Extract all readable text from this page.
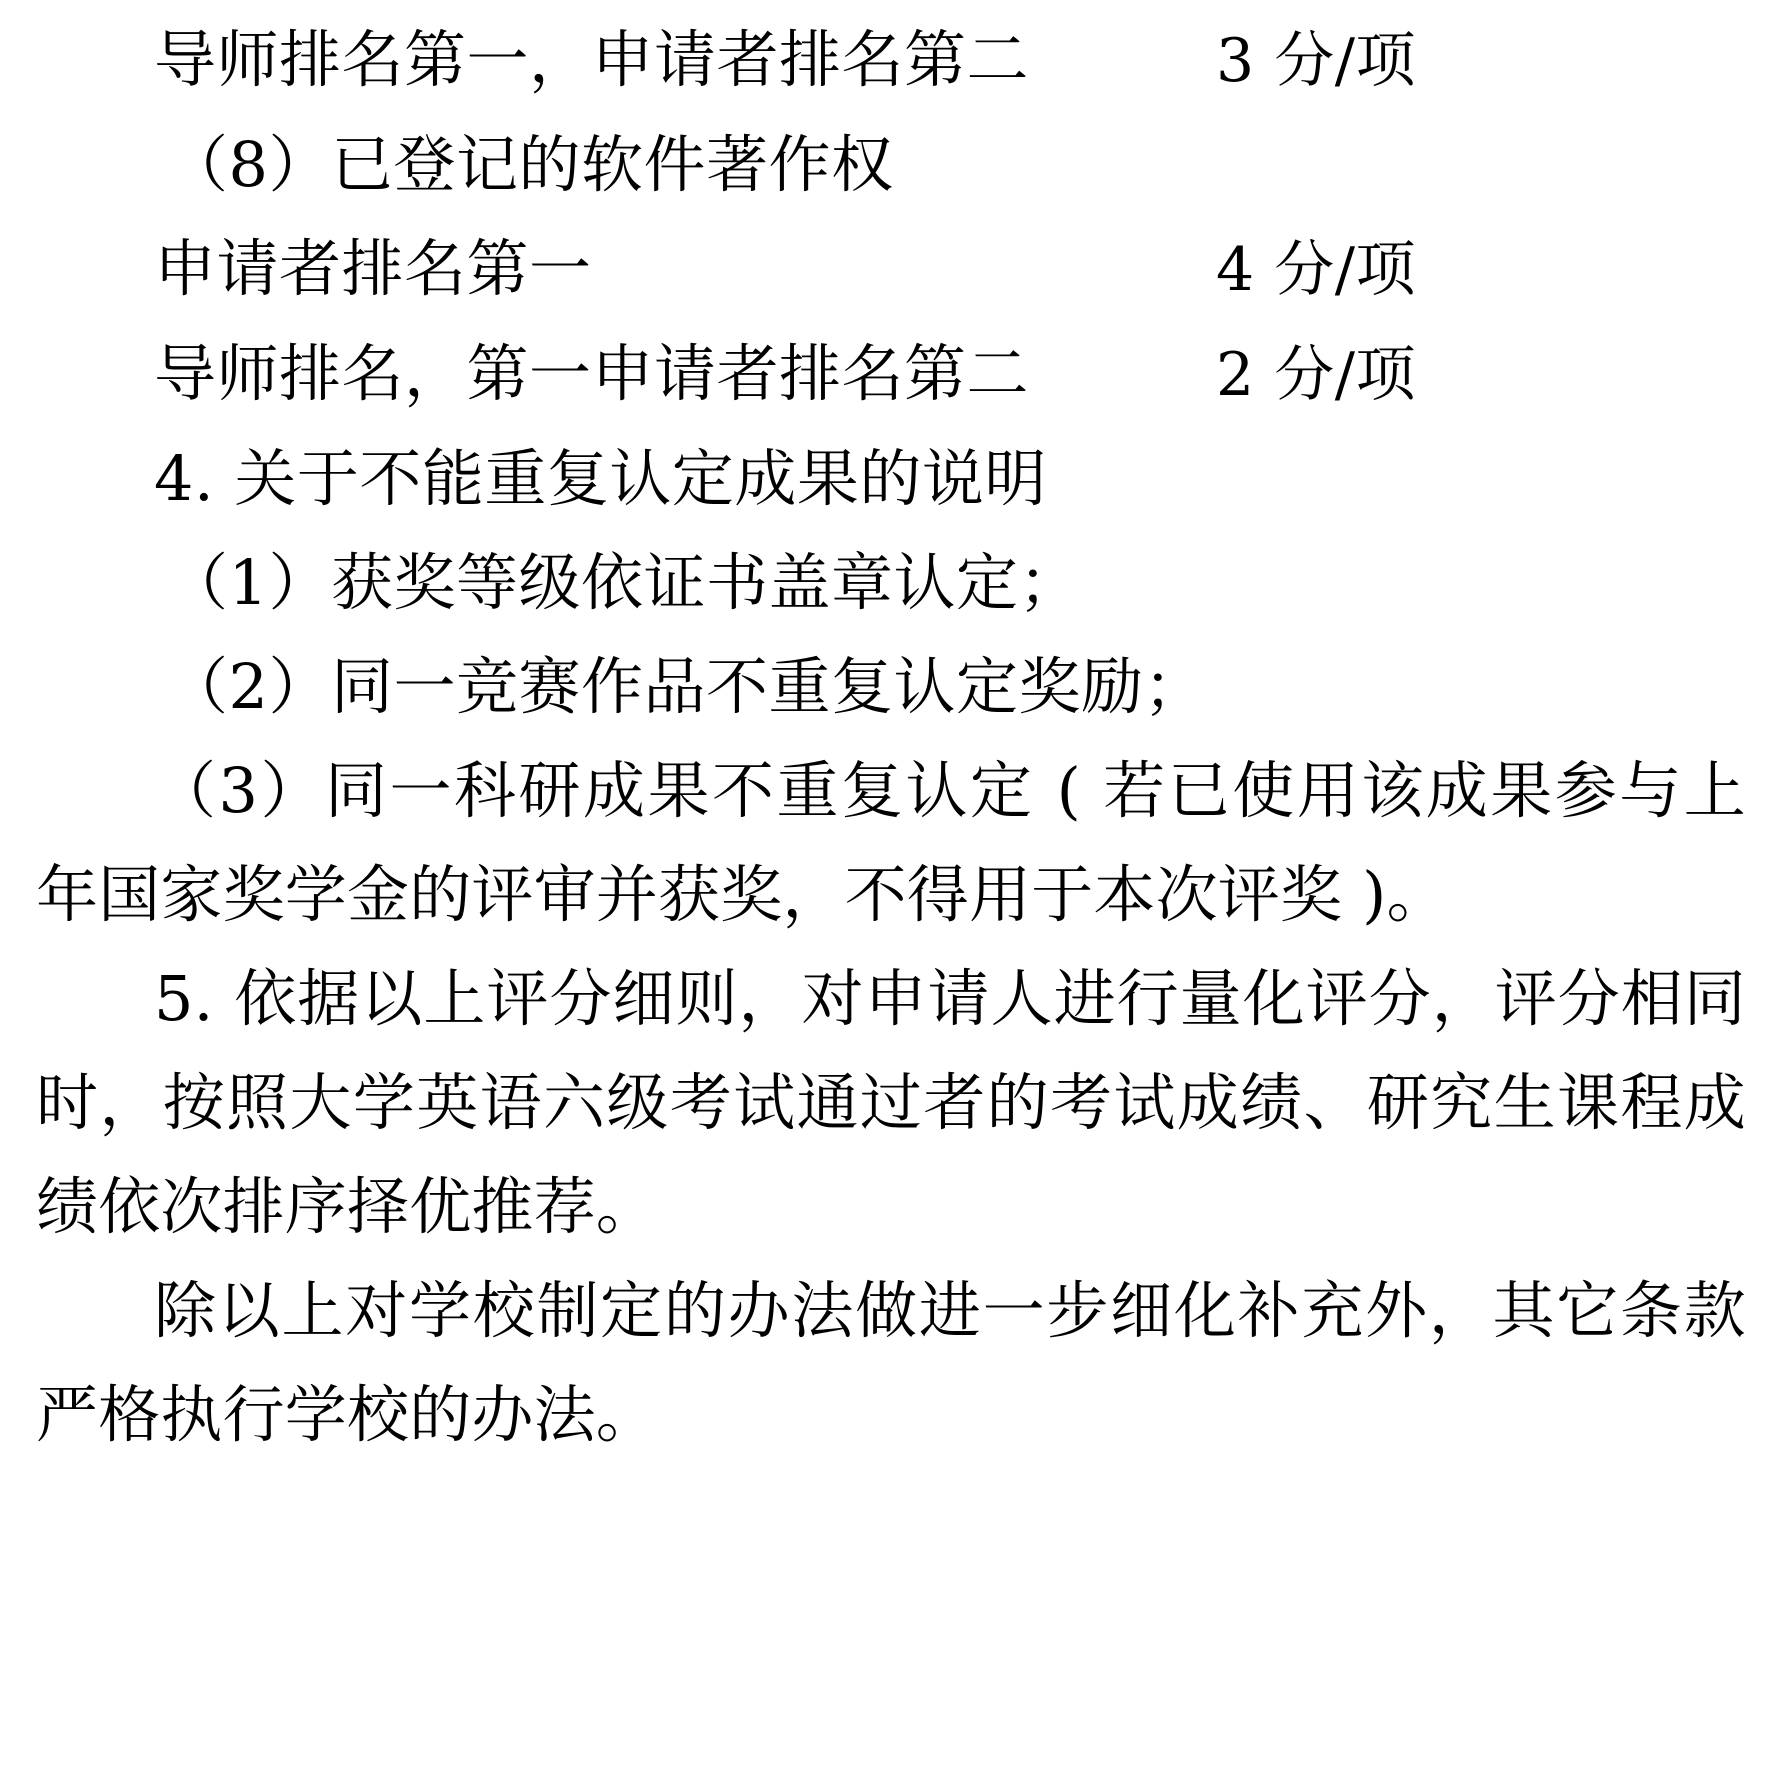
导师排名第一，申请者排名第二	3 分/项
（8）已登记的软件著作权
申请者排名第一	4 分/项
导师排名，第一申请者排名第二	2 分/项
4. 关于不能重复认定成果的说明
（1）获奖等级依证书盖章认定；
（2）同一竞赛作品不重复认定奖励；

（3）同一科研成果不重复认定 ( 若已使用该成果参与上年国家奖学金的评审并获奖，不得用于本次评奖 )。

5. 依据以上评分细则，对申请人进行量化评分，评分相同时，按照大学英语六级考试通过者的考试成绩、研究生课程成绩依次排序择优推荐。

除以上对学校制定的办法做进一步细化补充外，其它条款严格执行学校的办法。
